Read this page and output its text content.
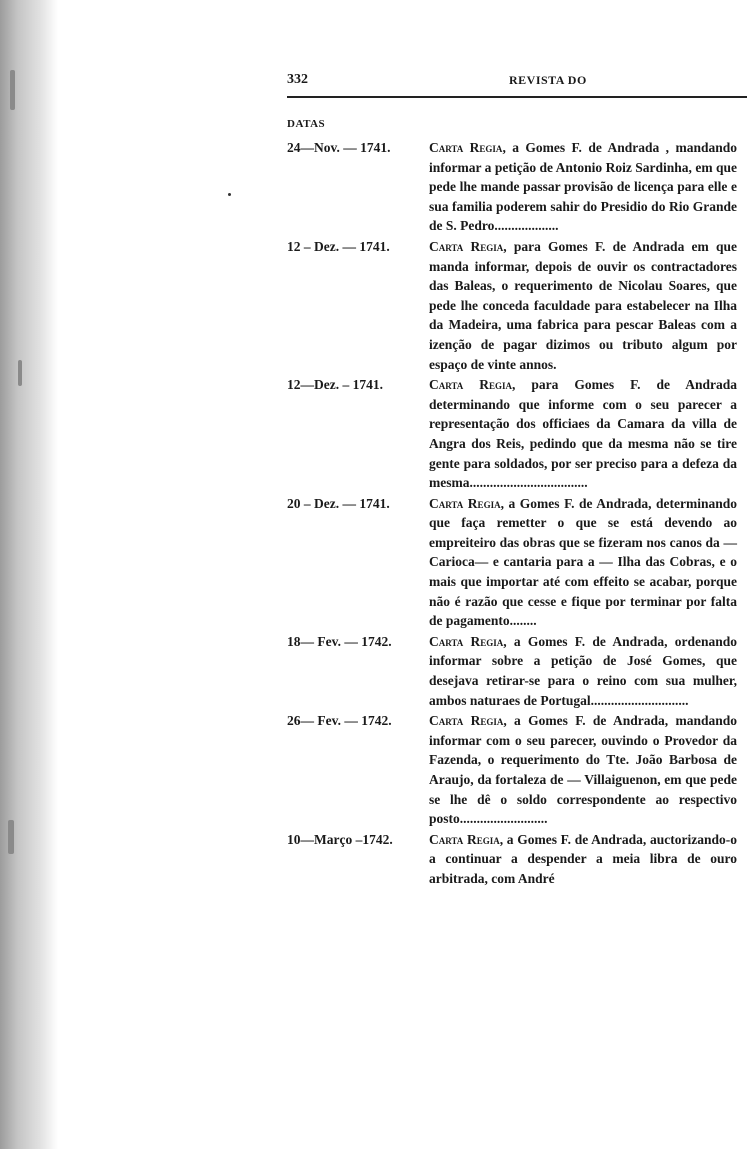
332	REVISTA DO
DATAS
24—Nov. — 1741.	Carta Regia, a Gomes F. de Andrada , mandando informar a petição de Antonio Roiz Sardinha, em que pede lhe mande passar provisão de licença para elle e sua familia poderem sahir do Presidio do Rio Grande de S. Pedro...................
12 – Dez. — 1741.	Carta Regia, para Gomes F. de Andrada em que manda informar, depois de ouvir os contractadores das Baleas, o requerimento de Nicolau Soares, que pede lhe conceda faculdade para estabelecer na Ilha da Madeira, uma fabrica para pescar Baleas com a izenção de pagar dizimos ou tributo algum por espaço de vinte annos.
12—Dez. – 1741.	Carta Regia, para Gomes F. de Andrada determinando que informe com o seu parecer a representação dos officiaes da Camara da villa de Angra dos Reis, pedindo que da mesma não se tire gente para soldados, por ser preciso para a defeza da mesma...................................
20 – Dez. — 1741.	Carta Regia, a Gomes F. de Andrada, determinando que faça remetter o que se está devendo ao empreiteiro das obras que se fizeram nos canos da — Carioca— e cantaria para a — Ilha das Cobras, e o mais que importar até com effeito se acabar, porque não é razão que cesse e fique por terminar por falta de pagamento........
18— Fev. — 1742.	Carta Regia, a Gomes F. de Andrada, ordenando informar sobre a petição de José Gomes, que desejava retirar-se para o reino com sua mulher, ambos naturaes de Portugal.............................
26— Fev. — 1742.	Carta Regia, a Gomes F. de Andrada, mandando informar com o seu parecer, ouvindo o Provedor da Fazenda, o requerimento do Tte. João Barbosa de Araujo, da fortaleza de — Villaiguenon, em que pede se lhe dê o soldo correspondente ao respectivo posto..........................
10—Março –1742.	Carta Regia, a Gomes F. de Andrada, auctorizando-o a continuar a despender a meia libra de ouro arbitrada, com André
